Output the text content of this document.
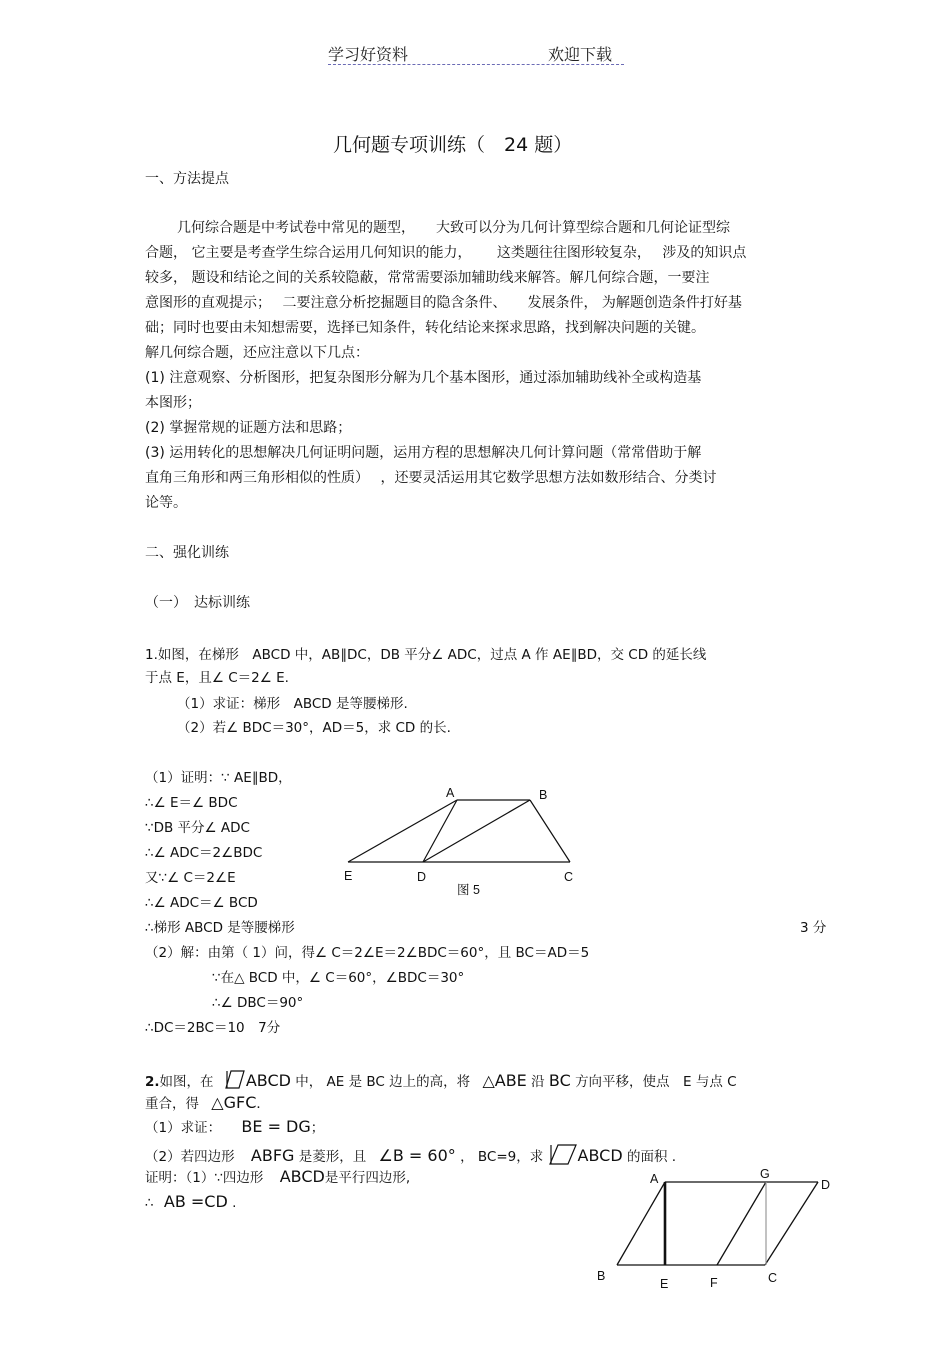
学习好资料	欢迎下载
几何题专项训练（　24 题）
一、方法提点
几何综合题是中考试卷中常见的题型，　　大致可以分为几何计算型综合题和几何论证型综
合题， 它主要是考查学生综合运用几何知识的能力，　　 这类题往往图形较复杂，　 涉及的知识点
较多， 题设和结论之间的关系较隐蔽，常常需要添加辅助线来解答。解几何综合题，一要注
意图形的直观提示；　 二要注意分析挖掘题目的隐含条件、　　发展条件， 为解题创造条件打好基
础；同时也要由未知想需要，选择已知条件，转化结论来探求思路，找到解决问题的关键。
解几何综合题，还应注意以下几点：
(1) 注意观察、分析图形，把复杂图形分解为几个基本图形，通过添加辅助线补全或构造基
本图形；
(2) 掌握常规的证题方法和思路；
(3) 运用转化的思想解决几何证明问题，运用方程的思想解决几何计算问题（常常借助于解
直角三角形和两三角形相似的性质）　 ，还要灵活运用其它数学思想方法如数形结合、分类讨
论等。
二、强化训练
（一）　达标训练
1.如图，在梯形　ABCD 中，AB∥DC，DB 平分∠ ADC，过点 A 作 AE∥BD，交 CD 的延长线
于点 E，且∠ C＝2∠ E.
（1）求证：梯形　ABCD 是等腰梯形.
（2）若∠ BDC＝30°，AD＝5，求 CD 的长.
（1）证明：∵ AE∥BD，
∴∠ E＝∠ BDC
∵DB 平分∠ ADC
∴∠ ADC＝2∠BDC
又∵∠ C＝2∠E
∴∠ ADC＝∠ BCD
∴梯形 ABCD 是等腰梯形	3 分
（2）解：由第（ 1）问，得∠ C＝2∠E＝2∠BDC＝60°，且 BC＝AD＝5
∵在△ BCD 中，∠ C＝60°，∠BDC＝30°
∴∠ DBC＝90°
∴DC＝2BC＝10　7分
A	B
E	D	C
图 5
2.如图，在 ABCD 中， AE 是 BC 边上的高，将 △ABE 沿 BC 方向平移，使点　E 与点 C
重合，得 △GFC．
（1）求证： BE = DG；
（2）若四边形 ABFG 是菱形，且 ∠B = 60° ， BC=9，求 ABCD 的面积 .
证明：（1）∵四边形 ABCD是平行四边形,
∴ AB =CD .
A	G
D
B
E	F	C
